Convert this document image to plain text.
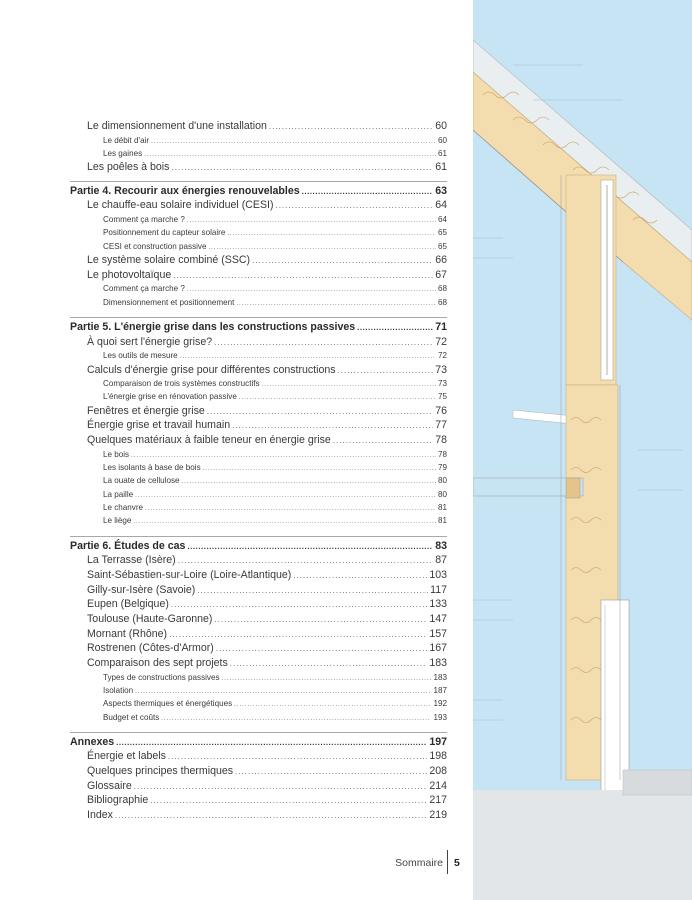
Le dimensionnement d'une installation .....	60
Le débit d'air .....	60
Les gaines .....	61
Les poêles à bois .....	61
Partie 4. Recourir aux énergies renouvelables .....	63
Le chauffe-eau solaire individuel (CESI) .....	64
Comment ça marche ? .....	64
Positionnement du capteur solaire .....	65
CESI et construction passive .....	65
Le système solaire combiné (SSC) .....	66
Le photovoltaïque .....	67
Comment ça marche ? .....	68
Dimensionnement et positionnement .....	68
Partie 5. L'énergie grise dans les constructions passives .....	71
À quoi sert l'énergie grise? .....	72
Les outils de mesure .....	72
Calculs d'énergie grise pour différentes constructions .....	73
Comparaison de trois systèmes constructifs .....	73
L'énergie grise en rénovation passive .....	75
Fenêtres et énergie grise .....	76
Énergie grise et travail humain .....	77
Quelques matériaux à faible teneur en énergie grise .....	78
Le bois .....	78
Les isolants à base de bois .....	79
La ouate de cellulose .....	80
La paille .....	80
Le chanvre .....	81
Le liège .....	81
Partie 6. Études de cas .....	83
La Terrasse (Isère) .....	87
Saint-Sébastien-sur-Loire (Loire-Atlantique) .....	103
Gilly-sur-Isère (Savoie) .....	117
Eupen (Belgique) .....	133
Toulouse (Haute-Garonne) .....	147
Mornant (Rhône) .....	157
Rostrenen (Côtes-d'Armor) .....	167
Comparaison des sept projets .....	183
Types de constructions passives .....	183
Isolation .....	187
Aspects thermiques et énergétiques .....	192
Budget et coûts .....	193
Annexes .....	197
Énergie et labels .....	198
Quelques principes thermiques .....	208
Glossaire .....	214
Bibliographie .....	217
Index .....	219
Sommaire 5
